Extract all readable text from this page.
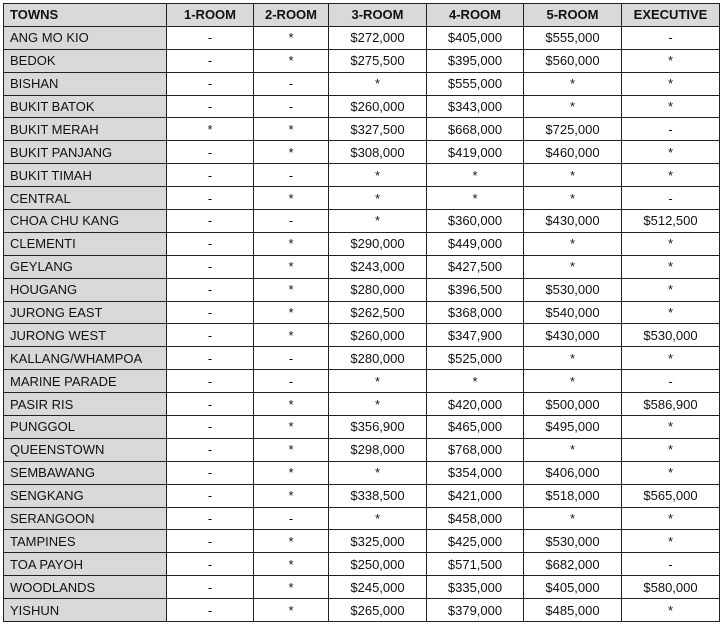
TOWNS	1-ROOM	2-ROOM	3-ROOM	4-ROOM	5-ROOM	EXECUTIVE
ANG MO KIO	-	*	$272,000	$405,000	$555,000	-
BEDOK	-	*	$275,500	$395,000	$560,000	*
BISHAN	-	-	*	$555,000	*	*
BUKIT BATOK	-	-	$260,000	$343,000	*	*
BUKIT MERAH	*	*	$327,500	$668,000	$725,000	-
BUKIT PANJANG	-	*	$308,000	$419,000	$460,000	*
BUKIT TIMAH	-	-	*	*	*	*
CENTRAL	-	*	*	*	*	-
CHOA CHU KANG	-	-	*	$360,000	$430,000	$512,500
CLEMENTI	-	*	$290,000	$449,000	*	*
GEYLANG	-	*	$243,000	$427,500	*	*
HOUGANG	-	*	$280,000	$396,500	$530,000	*
JURONG EAST	-	*	$262,500	$368,000	$540,000	*
JURONG WEST	-	*	$260,000	$347,900	$430,000	$530,000
KALLANG/WHAMPOA	-	-	$280,000	$525,000	*	*
MARINE PARADE	-	-	*	*	*	-
PASIR RIS	-	*	*	$420,000	$500,000	$586,900
PUNGGOL	-	*	$356,900	$465,000	$495,000	*
QUEENSTOWN	-	*	$298,000	$768,000	*	*
SEMBAWANG	-	*	*	$354,000	$406,000	*
SENGKANG	-	*	$338,500	$421,000	$518,000	$565,000
SERANGOON	-	-	*	$458,000	*	*
TAMPINES	-	*	$325,000	$425,000	$530,000	*
TOA PAYOH	-	*	$250,000	$571,500	$682,000	-
WOODLANDS	-	*	$245,000	$335,000	$405,000	$580,000
YISHUN	-	*	$265,000	$379,000	$485,000	*
